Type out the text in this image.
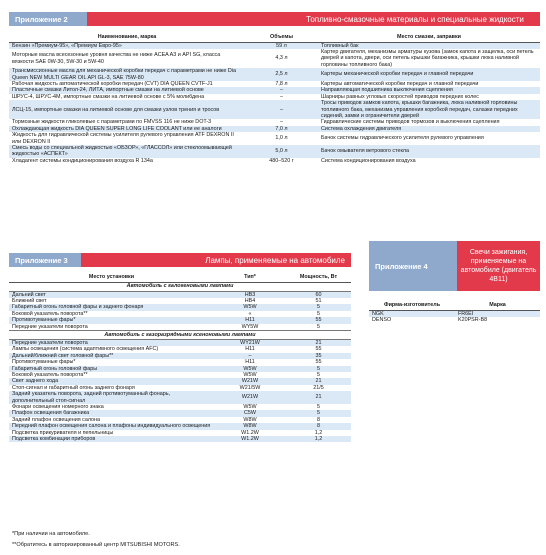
Приложение 2	Топливно-смазочные материалы и специальные жидкости
Наименование, марка	Объемы	Место смазки, заправки
Бензин «Премиум-95», «Премиум Евро-95»	59 л	Топливный бак
Моторные масла всесезонные уровня качества не ниже ACEA A3 и API SG, класса вязкости SAE 0W-30, 5W-30 и 5W-40	4,3 л	Картер двигателя, механизмы арматуры кузова (замок капота и защелка, оси петель дверей и капота, двери, оси петель крышки багажника, крышки люка наливной горловины топливного бака)
Трансмиссионные масла для механической коробки передач с параметрами не ниже Dia Queen NEW MULTI GEAR OIL API GL-3, SAE 75W-80	2,5 л	Картеры механической коробки передач и главной передачи
Рабочая жидкость автоматической коробки передач (CVT) DIA QUEEN CVTF-J1	7,8 л	Картеры автоматической коробки передач и главной передачи
Пластичные смазки Литол-24, ЛИТА, импортные смазки на литиевой основе	–	Направляющая подшипника выключения сцепления
ШРУС-4, ШРУС-4М, импортные смазки на литиевой основе с 5% молибдена	–	Шарниры равных угловых скоростей приводов передних колес
ЛСЦ-15, импортные смазки на литиевой основе для смазки узлов трения и тросов	–	Тросы приводов замков капота, крышки багажника, люка наливной горловины топливного бака, механизма управления коробкой передач, салазки передних сидений, замки и ограничители дверей
Тормозные жидкости гликолевые с параметрами по FMVSS 116 не ниже DOT-3	–	Гидравлические системы приводов тормозов и выключения сцепления
Охлаждающая жидкость DIA QUEEN SUPER LONG LIFE COOLANT или ее аналоги	7,0 л	Система охлаждения двигателя
Жидкость для гидравлической системы усилителя рулевого управления ATF DEXRON II или DEXRON II	1,0 л	Бачок системы гидравлического усилителя рулевого управления
Смесь воды со специальной жидкостью «ОБЗОР», «ГЛАССОЛ» или стеклоомывающей жидкостью «АСПЕКТ»	5,0 л	Бачок омывателя ветрового стекла
Хладагент системы кондиционирования воздуха R 134a	480–520 г	Система кондиционирования воздуха
Приложение 3	Лампы, применяемые на автомобиле
Место установки	Тип*	Мощность, Вт
Автомобиль с галогеновыми лампами		
Дальний свет	HB3	60
Ближний свет	HB4	51
Габаритный огонь головной фары и заднего фонаря	W5W	5
Боковой указатель поворота**	«	5
Противотуманные фары*	H11	55
Передние указатели поворота	WY5W	5
Автомобиль с газоразрядными ксеноновыми лампами		
Передние указатели поворота	WY21W	21
Лампы освещения (система адаптивного освещения AFC)	H11	55
Дальний/ближний свет головной фары**	–	35
Противотуманные фары*	H11	55
Габаритный огонь головной фары	W5W	5
Боковой указатель поворота**	W5W	5
Свет заднего хода	W21W	21
Стоп-сигнал и габаритный огонь заднего фонаря	W21/5W	21/5
Задний указатель поворота, задний противотуманный фонарь, дополнительный стоп-сигнал	W21W	21
Фонари освещения номерного знака	W5W	5
Плафон освещения багажника	C5W	5
Задний плафон освещения салона	W8W	8
Передний плафон освещения салона и плафоны индивидуального освещения	W8W	8
Подсветка прикуривателя и пепельницы	W1.2W	1,2
Подсветка комбинации приборов	W1.2W	1,2
*При наличии на автомобиле.
**Обратитесь в авторизированный центр MITSUBISHI MOTORS.
Приложение 4
Свечи зажигания, применяемые на автомобиле (двигатель 4B11)
Фирма-изготовитель	Марка
NGK	FR6EI
DENSO	K20PSR-B8
